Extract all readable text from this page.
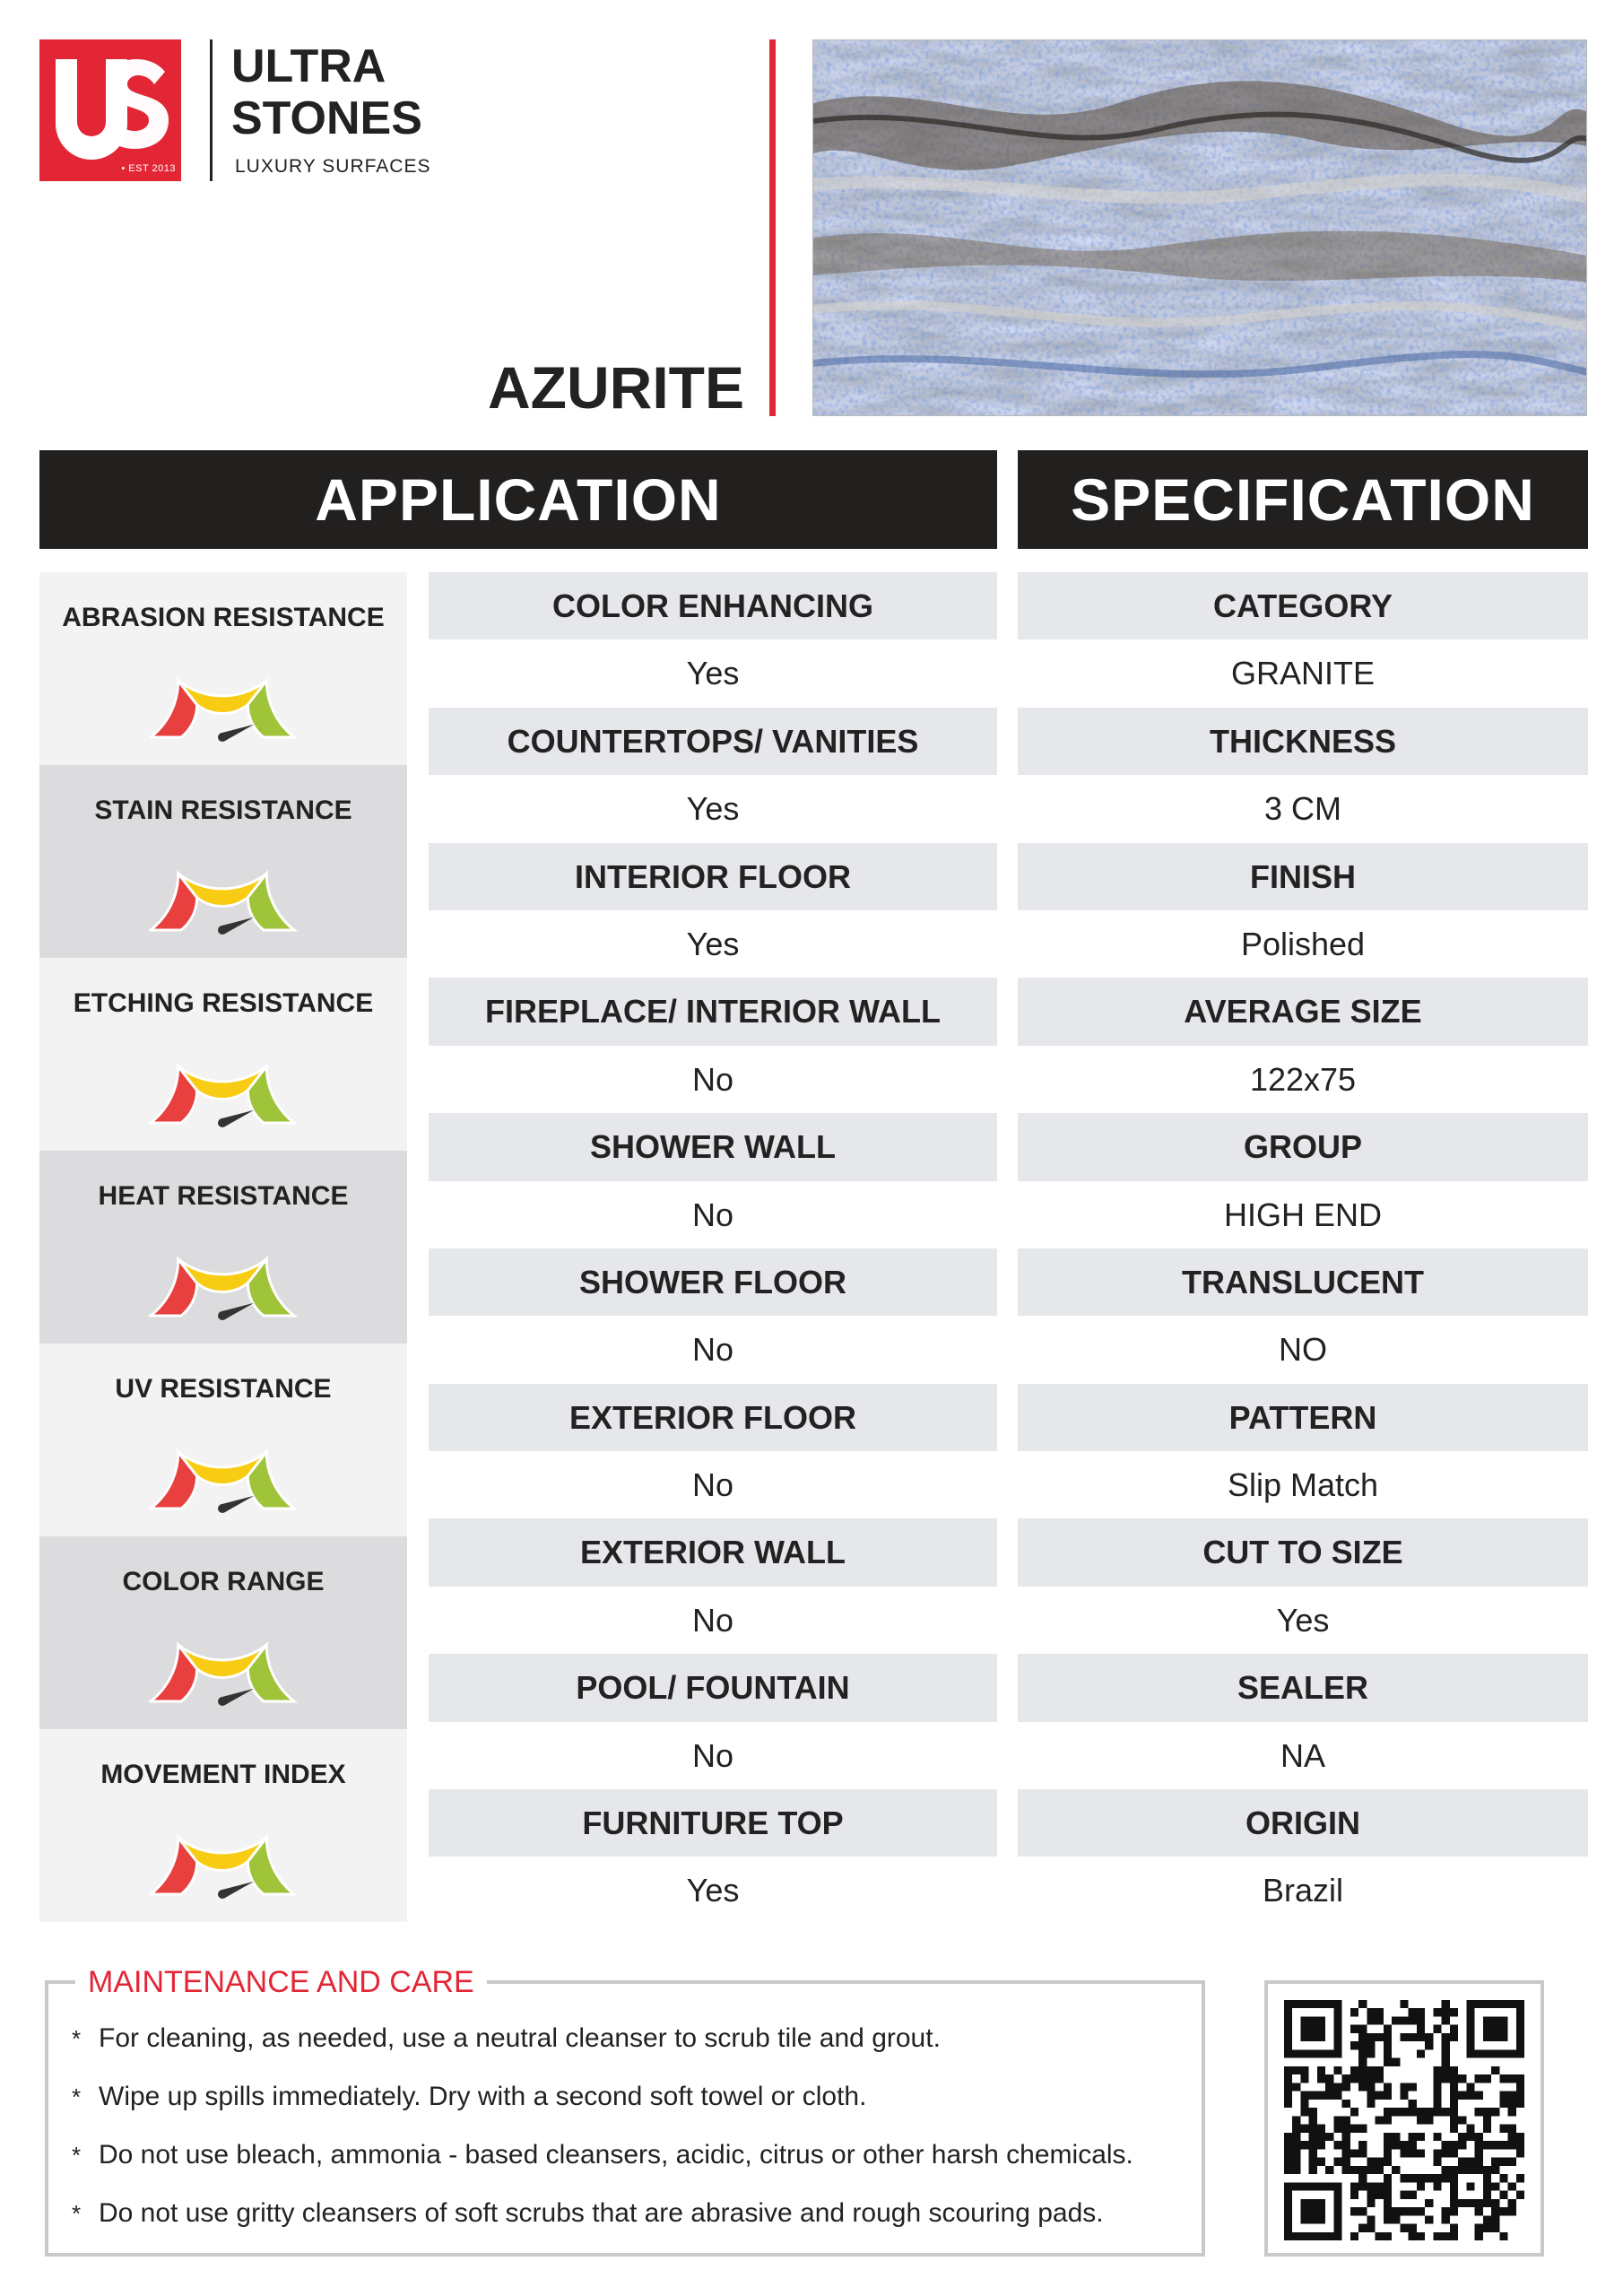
• EST 2013
ULTRA
STONES
LUXURY SURFACES
AZURITE
APPLICATION	SPECIFICATION
ABRASION RESISTANCE
STAIN RESISTANCE
ETCHING RESISTANCE
HEAT RESISTANCE
UV RESISTANCE
COLOR RANGE
MOVEMENT INDEX
COLOR ENHANCING
Yes
COUNTERTOPS/ VANITIES
Yes
INTERIOR FLOOR
Yes
FIREPLACE/ INTERIOR WALL
No
SHOWER WALL
No
SHOWER FLOOR
No
EXTERIOR FLOOR
No
EXTERIOR WALL
No
POOL/ FOUNTAIN
No
FURNITURE TOP
Yes
CATEGORY
GRANITE
THICKNESS
3 CM
FINISH
Polished
AVERAGE SIZE
122x75
GROUP
HIGH END
TRANSLUCENT
NO
PATTERN
Slip Match
CUT TO SIZE
Yes
SEALER
NA
ORIGIN
Brazil
MAINTENANCE AND CARE
* For cleaning, as needed, use a neutral cleanser to scrub tile and grout.
* Wipe up spills immediately. Dry with a second soft towel or cloth.
* Do not use bleach, ammonia - based cleansers, acidic, citrus or other harsh chemicals.
* Do not use gritty cleansers of soft scrubs that are abrasive and rough scouring pads.
